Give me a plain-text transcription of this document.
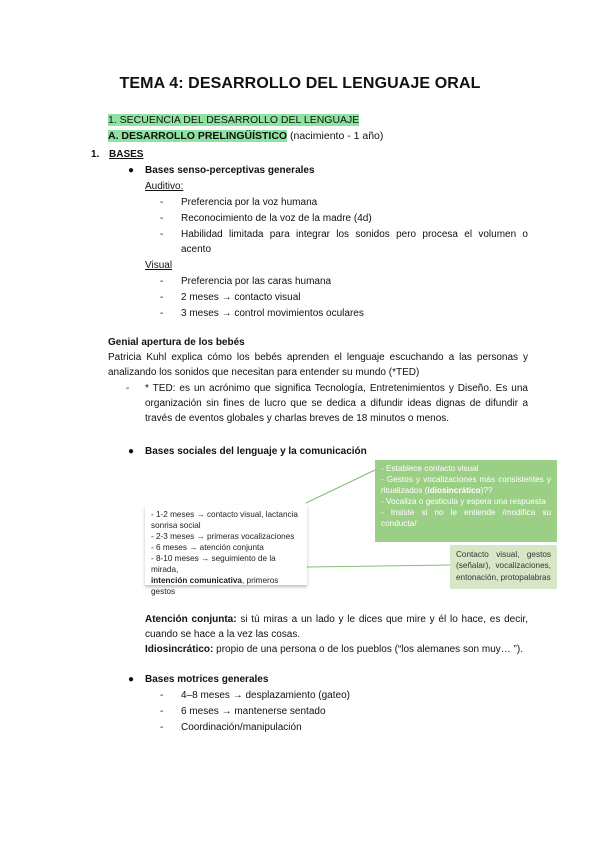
TEMA 4: DESARROLLO DEL LENGUAJE ORAL
1. SECUENCIA DEL DESARROLLO DEL LENGUAJE
A. DESARROLLO PRELINGÜÍSTICO (nacimiento - 1 año)
1. BASES
● Bases senso-perceptivas generales
Auditivo:
-	Preferencia por la voz humana
-	Reconocimiento de la voz de la madre (4d)
-	Habilidad limitada para integrar los sonidos pero procesa el volumen o
acento
Visual
-	Preferencia por las caras humana
-	2 meses → contacto visual
-	3 meses → control movimientos oculares
Genial apertura de los bebés
Patricia Kuhl explica cómo los bebés aprenden el lenguaje escuchando a las personas y
analizando los sonidos que necesitan para entender su mundo (*TED)
- * TED: es un acrónimo que significa Tecnología, Entretenimientos y Diseño. Es una
organización sin fines de lucro que se dedica a difundir ideas dignas de difundir a
través de eventos globales y charlas breves de 18 minutos o menos.
● Bases sociales del lenguaje y la comunicación
- Establece contacto visual
- Gestos y vocalizaciones más consistentes y
ritualizados (idiosincrático)??
- Vocaliza o gesticula y espera una respuesta
- Insiste si no le entiende /modifica su
conducta/
- 1-2 meses → contacto visual, lactancia
sonrisa social
- 2-3 meses → primeras vocalizaciones
- 6 meses → atención conjunta
- 8-10 meses → seguimiento de la mirada,
intención comunicativa, primeros gestos
Contacto visual, gestos
(señalar), vocalizaciones,
entonación, protopalabras
Atención conjunta: si tú miras a un lado y le dices que mire y él lo hace, es decir,
cuando se hace a la vez las cosas.
Idiosincrático: propio de una persona o de los pueblos (“los alemanes son muy… ”).
● Bases motrices generales
-	4–8 meses → desplazamiento (gateo)
-	6 meses → mantenerse sentado
-	Coordinación/manipulación
